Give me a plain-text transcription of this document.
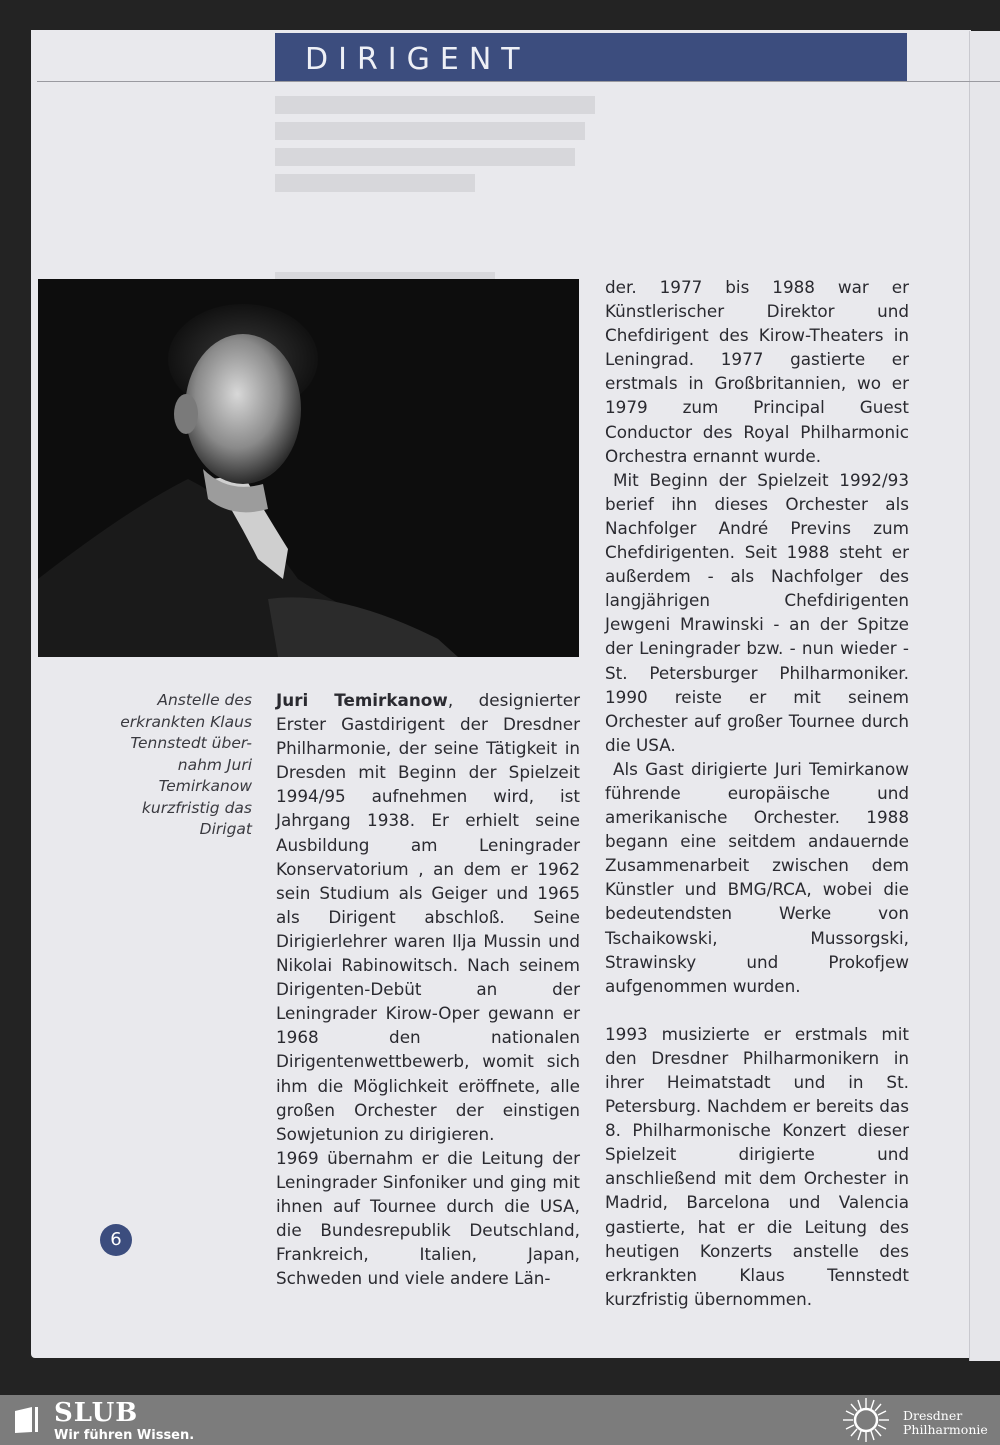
DIRIGENT
Anstelle des
erkrankten Klaus
Tennstedt über-
nahm Juri
Temirkanow
kurzfristig das
Dirigat

Juri Temirkanow, designierter Erster Gastdirigent der Dresdner Philharmonie, der seine Tätigkeit in Dresden mit Beginn der Spielzeit 1994/95 aufnehmen wird, ist Jahrgang 1938. Er erhielt seine Ausbildung am Leningrader Konservatorium , an dem er 1962 sein Studium als Geiger und 1965 als Dirigent abschloß. Seine Dirigierlehrer waren Ilja Mussin und Nikolai Rabinowitsch. Nach seinem Dirigenten-Debüt an der Leningrader Kirow-Oper gewann er 1968 den nationalen Dirigentenwettbewerb, womit sich ihm die Möglichkeit eröffnete, alle großen Orchester der einstigen Sowjetunion zu dirigieren.

1969 übernahm er die Leitung der Leningrader Sinfoniker und ging mit ihnen auf Tournee durch die USA, die Bundesrepublik Deutschland, Frankreich, Italien, Japan, Schweden und viele andere Län-

der. 1977 bis 1988 war er Künstlerischer Direktor und Chefdirigent des Kirow-Theaters in Leningrad. 1977 gastierte er erstmals in Großbritannien, wo er 1979 zum Principal Guest Conductor des Royal Philharmonic Orchestra ernannt wurde.

Mit Beginn der Spielzeit 1992/93 berief ihn dieses Orchester als Nachfolger André Previns zum Chefdirigenten. Seit 1988 steht er außerdem - als Nachfolger des langjährigen Chefdirigenten Jewgeni Mrawinski - an der Spitze der Leningrader bzw. - nun wieder - St. Petersburger Philharmoniker. 1990 reiste er mit seinem Orchester auf großer Tournee durch die USA.

Als Gast dirigierte Juri Temirkanow führende europäische und amerikanische Orchester. 1988 begann eine seitdem andauernde Zusammenarbeit zwischen dem Künstler und BMG/RCA, wobei die bedeutendsten Werke von Tschaikowski, Mussorgski, Strawinsky und Prokofjew aufgenommen wurden.

1993 musizierte er erstmals mit den Dresdner Philharmonikern in ihrer Heimatstadt und in St. Petersburg. Nachdem er bereits das 8. Philharmonische Konzert dieser Spielzeit dirigierte und anschließend mit dem Orchester in Madrid, Barcelona und Valencia gastierte, hat er die Leitung des heutigen Konzerts anstelle des erkrankten Klaus Tennstedt kurzfristig übernommen.

6
SLUB
Wir führen Wissen.
Dresdner
Philharmonie
